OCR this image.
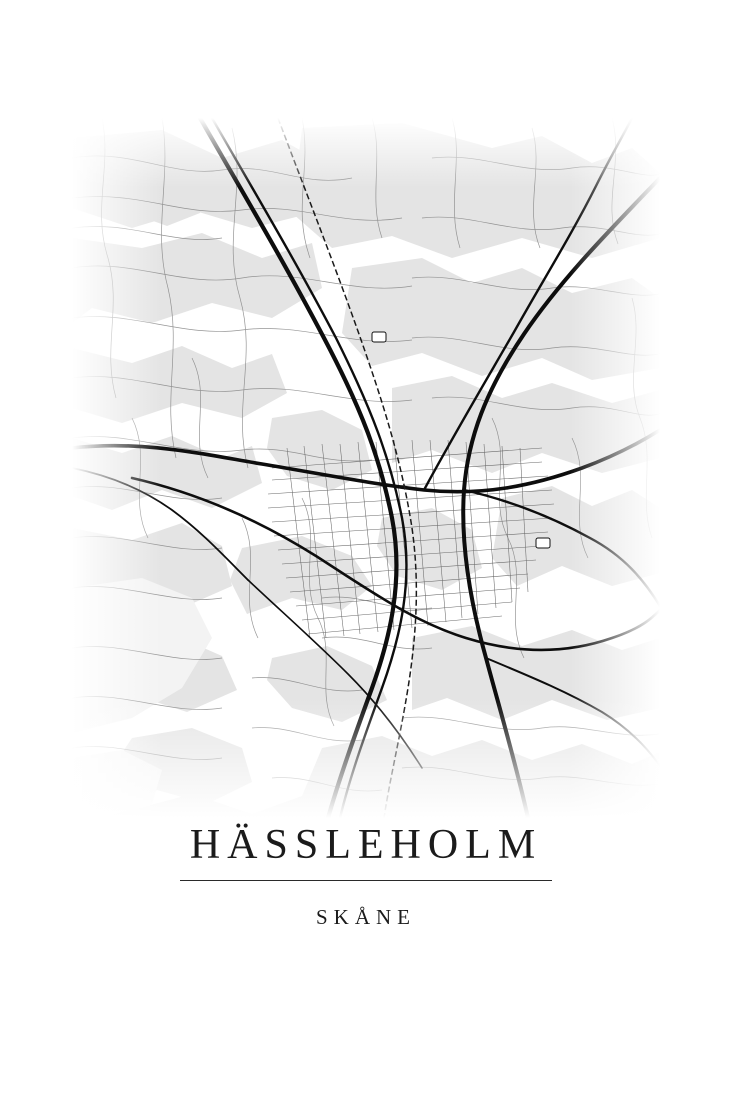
HÄSSLEHOLM
SKÅNE
